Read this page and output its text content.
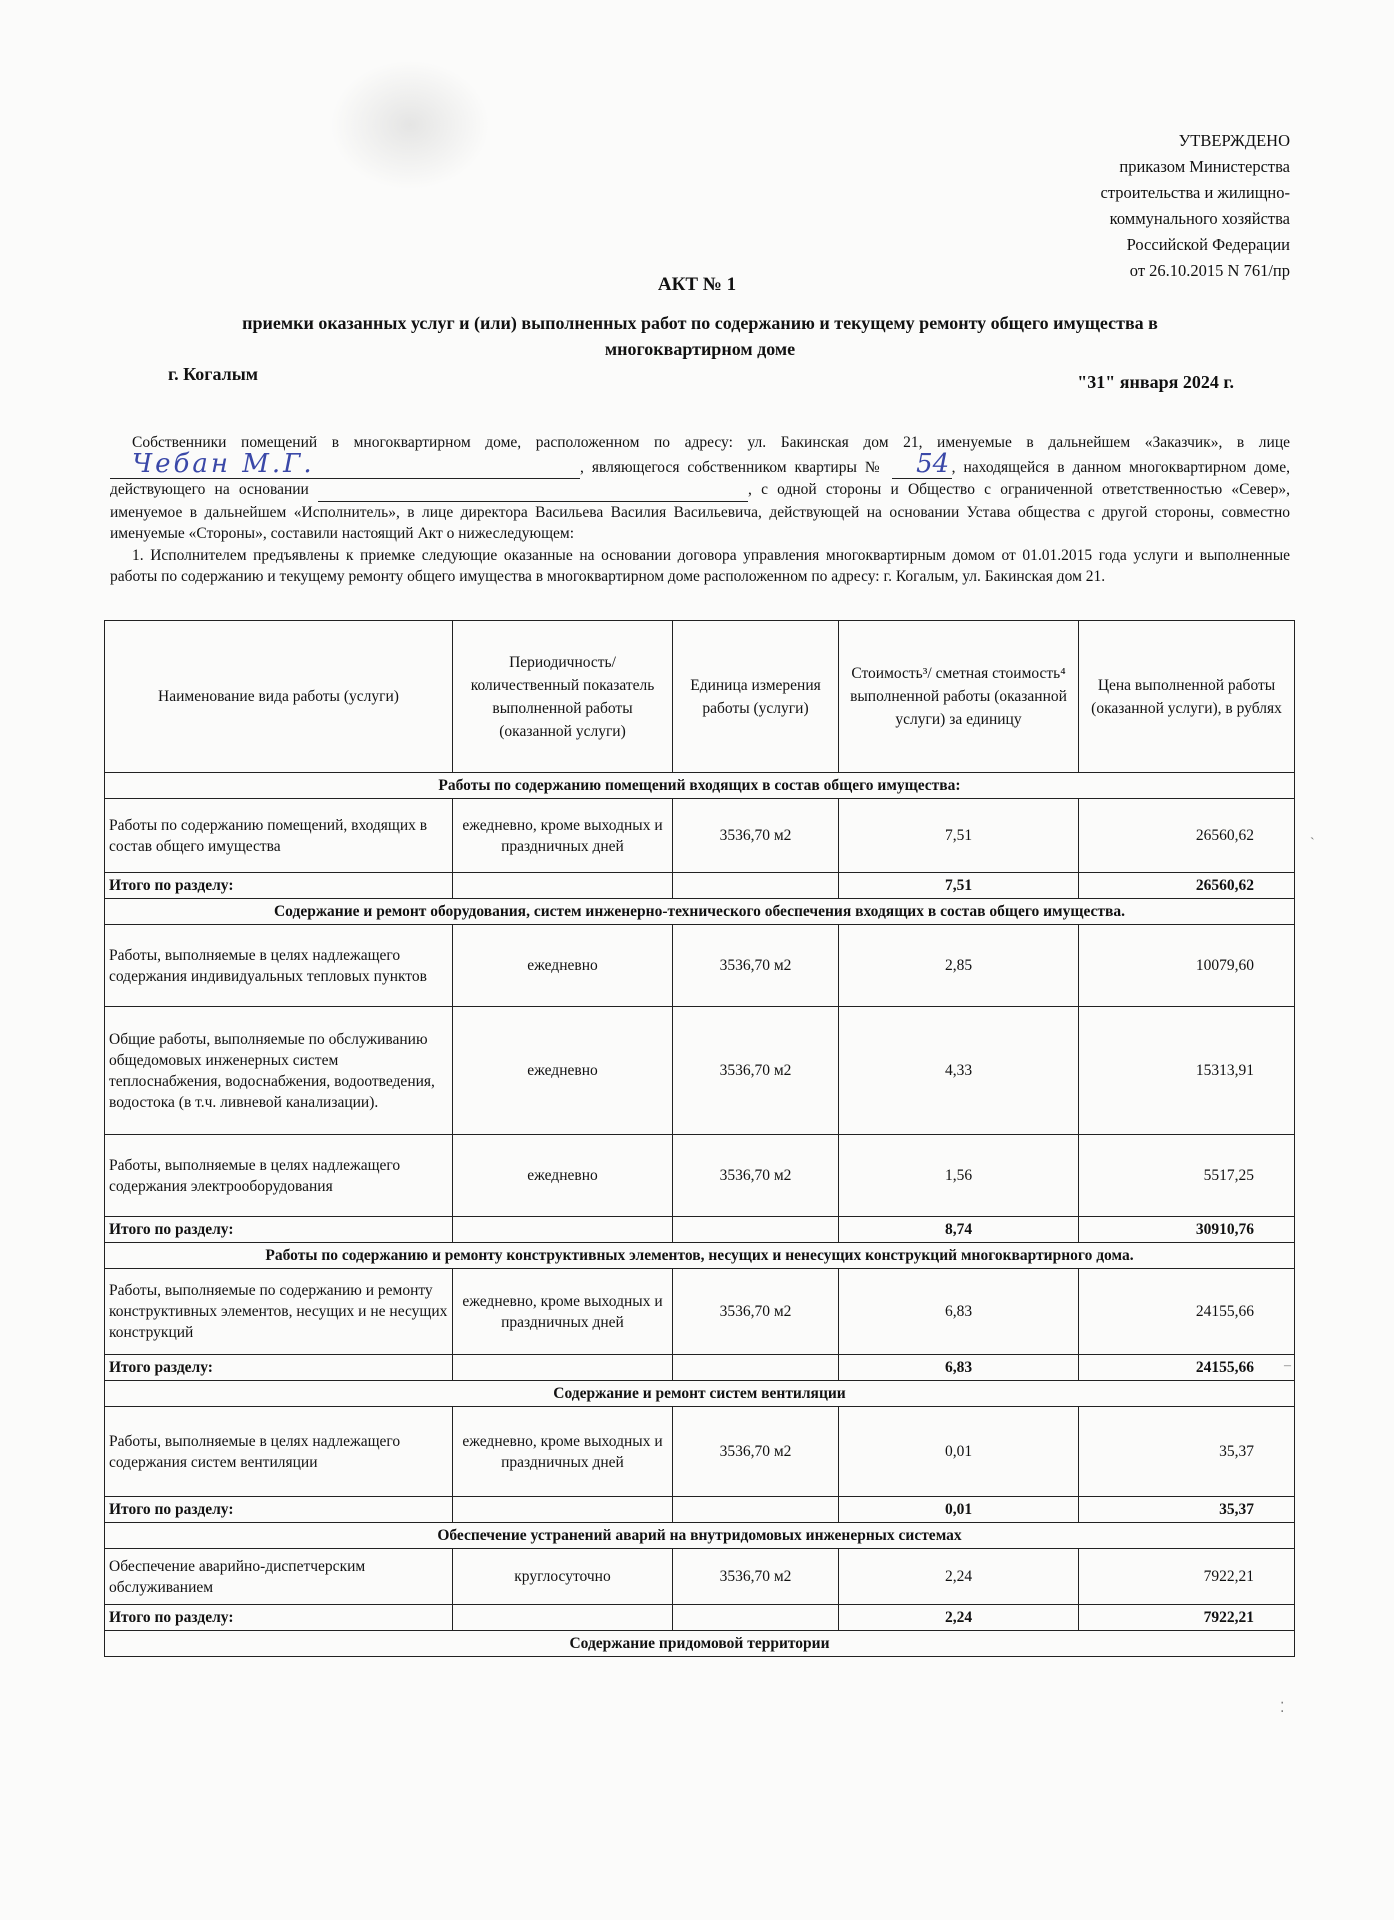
УТВЕРЖДЕНО
приказом Министерства
строительства и жилищно-
коммунального хозяйства
Российской Федерации
от 26.10.2015 N 761/пр
АКТ № 1
приемки оказанных услуг и (или) выполненных работ по содержанию и текущему ремонту общего имущества в многоквартирном доме
г. Когалым	"31" января 2024 г.

Собственники помещений в многоквартирном доме, расположенном по адресу: ул. Бакинская дом 21, именуемые в дальнейшем «Заказчик», в лице Чебан М.Г.	, являющегося собственником квартиры № 54 , находящейся в данном многоквартирном доме, действующего на основании	, с одной стороны и Обществo с ограниченной ответственностью «Север», именуемое в дальнейшем «Исполнитель», в лице директора Васильева Василия Васильевича, действующей на основании Устава общества с другой стороны, совместно именуемые «Стороны», составили настоящий Акт о нижеследующем:

1. Исполнителем предъявлены к приемке следующие оказанные на основании договора управления многоквартирным домом от 01.01.2015 года услуги и выполненные работы по содержанию и текущему ремонту общего имущества в многоквартирном доме расположенном по адресу: г. Когалым, ул. Бакинская дом 21.

Наименование вида работы (услуги)	Периодичность/ количественный показатель выполненной работы (оказанной услуги)	Единица измерения работы (услуги)	Стоимость³/ сметная стоимость⁴ выполненной работы (оказанной услуги) за единицу	Цена выполненной работы (оказанной услуги), в рублях
Работы по содержанию помещений входящих в состав общего имущества:				
Работы по содержанию помещений, входящих в состав общего имущества	ежедневно, кроме выходных и праздничных дней	3536,70 м2	7,51	26560,62
Итого по разделу:			7,51	26560,62
Содержание и ремонт оборудования, систем инженерно-технического обеспечения входящих в состав общего имущества.				
Работы, выполняемые в целях надлежащего содержания индивидуальных тепловых пунктов	ежедневно	3536,70 м2	2,85	10079,60
Общие работы, выполняемые по обслуживанию общедомовых инженерных систем теплоснабжения, водоснабжения, водоотведения, водостока (в т.ч. ливневой канализации).	ежедневно	3536,70 м2	4,33	15313,91
Работы, выполняемые в целях надлежащего содержания электрооборудования	ежедневно	3536,70 м2	1,56	5517,25
Итого по разделу:			8,74	30910,76
Работы по содержанию и ремонту конструктивных элементов, несущих и ненесущих конструкций многоквартирного дома.				
Работы, выполняемые по содержанию и ремонту конструктивных элементов, несущих и не несущих конструкций	ежедневно, кроме выходных и праздничных дней	3536,70 м2	6,83	24155,66
Итого разделу:			6,83	24155,66
Содержание и ремонт систем вентиляции				
Работы, выполняемые в целях надлежащего содержания систем вентиляции	ежедневно, кроме выходных и праздничных дней	3536,70 м2	0,01	35,37
Итого по разделу:			0,01	35,37
Обеспечение устранений аварий на внутридомовых инженерных системах				
Обеспечение аварийно-диспетчерским обслуживанием	круглосуточно	3536,70 м2	2,24	7922,21
Итого по разделу:			2,24	7922,21
Содержание придомовой территории				
˴
–
⁚
